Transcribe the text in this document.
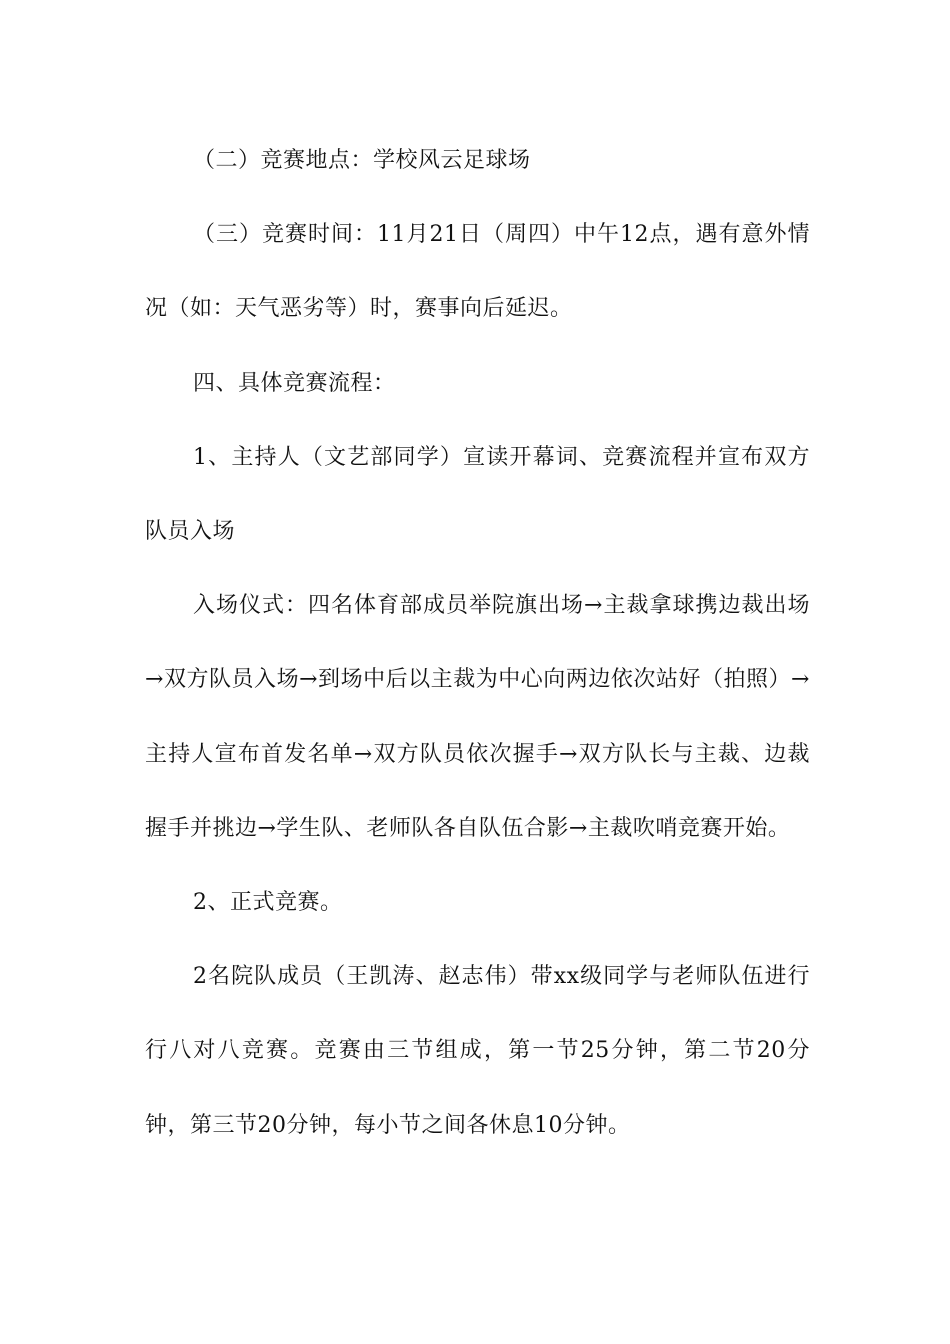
（二）竞赛地点：学校风云足球场

（三）竞赛时间：11月21日（周四）中午12点，遇有意外情况（如：天气恶劣等）时，赛事向后延迟。

四、具体竞赛流程：

1、主持人（文艺部同学）宣读开幕词、竞赛流程并宣布双方队员入场

入场仪式：四名体育部成员举院旗出场→主裁拿球携边裁出场→双方队员入场→到场中后以主裁为中心向两边依次站好（拍照）→主持人宣布首发名单→双方队员依次握手→双方队长与主裁、边裁握手并挑边→学生队、老师队各自队伍合影→主裁吹哨竞赛开始。

2、正式竞赛。

2名院队成员（王凯涛、赵志伟）带xx级同学与老师队伍进行行八对八竞赛。竞赛由三节组成，第一节25分钟，第二节20分钟，第三节20分钟，每小节之间各休息10分钟。
